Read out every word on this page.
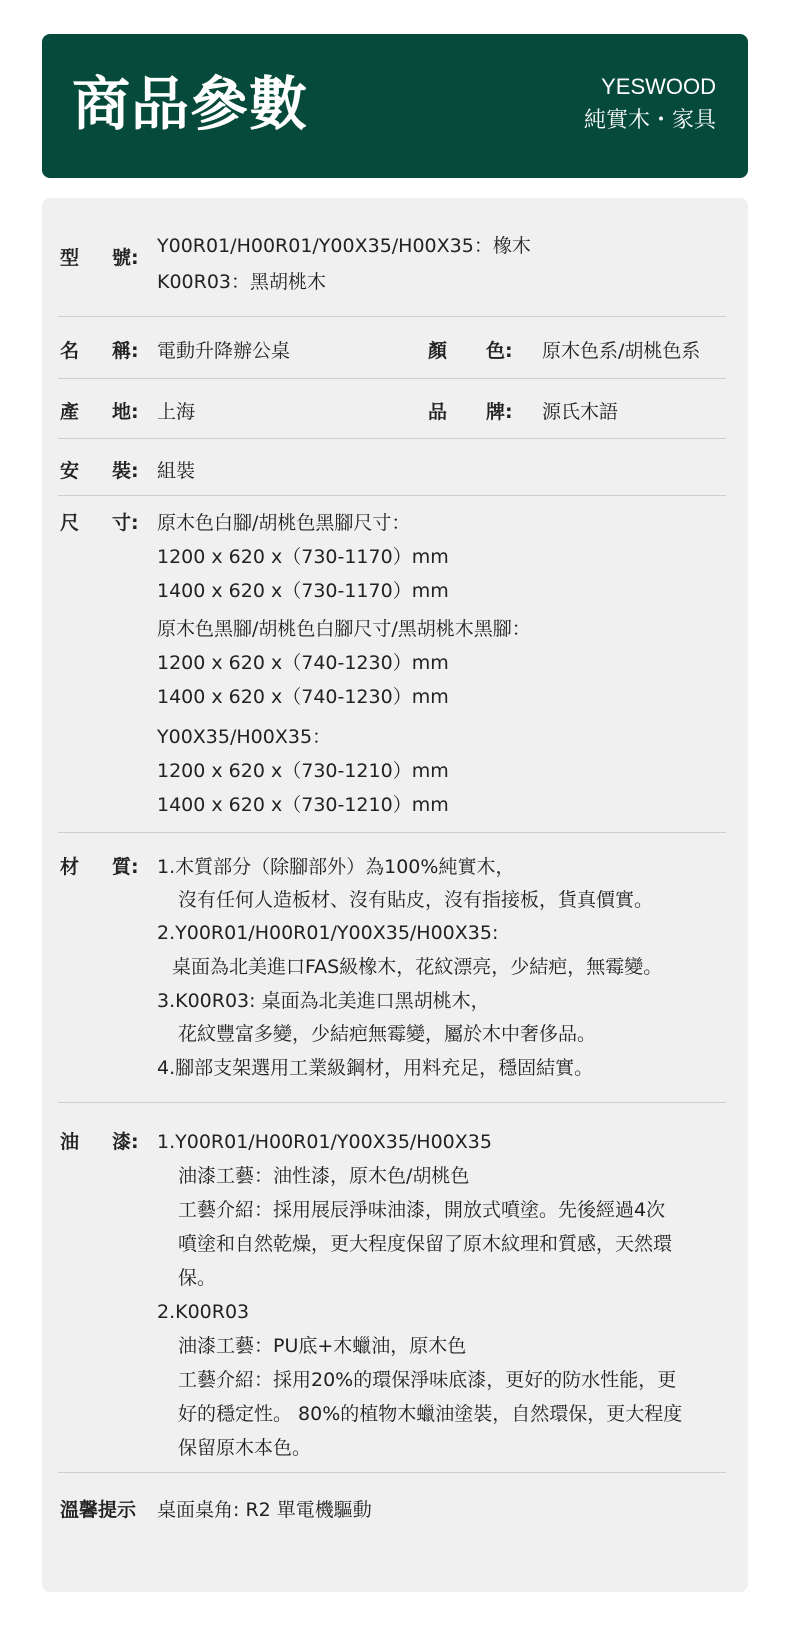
商品參數	YESWOOD
純實木・家具
型 號:
Y00R01/H00R01/Y00X35/H00X35：橡木
K00R03：黑胡桃木
名 稱: 電動升降辦公桌	顏 色: 原木色系/胡桃色系
產 地: 上海	品 牌: 源氏木語
安 裝: 組裝
尺 寸: 原木色白腳/胡桃色黑腳尺寸：
1200 x 620 x（730-1170）mm
1400 x 620 x（730-1170）mm
原木色黑腳/胡桃色白腳尺寸/黑胡桃木黑腳：
1200 x 620 x（740-1230）mm
1400 x 620 x（740-1230）mm
Y00X35/H00X35：
1200 x 620 x（730-1210）mm
1400 x 620 x（730-1210）mm
材 質: 1.木質部分（除腳部外）為100%純實木，
沒有任何人造板材、沒有貼皮，沒有指接板，貨真價實。
2.Y00R01/H00R01/Y00X35/H00X35:
桌面為北美進口FAS級橡木，花紋漂亮，少結疤，無霉變。
3.K00R03: 桌面為北美進口黑胡桃木，
花紋豐富多變，少結疤無霉變，屬於木中奢侈品。
4.腳部支架選用工業級鋼材，用料充足，穩固結實。
油 漆: 1.Y00R01/H00R01/Y00X35/H00X35
油漆工藝：油性漆，原木色/胡桃色
工藝介紹：採用展辰淨味油漆，開放式噴塗。先後經過4次
噴塗和自然乾燥，更大程度保留了原木紋理和質感，天然環
保。
2.K00R03
油漆工藝：PU底+木蠟油，原木色
工藝介紹：採用20%的環保淨味底漆，更好的防水性能，更
好的穩定性。 80%的植物木蠟油塗裝，自然環保，更大程度
保留原木本色。
溫馨提示 桌面桌角: R2 單電機驅動
